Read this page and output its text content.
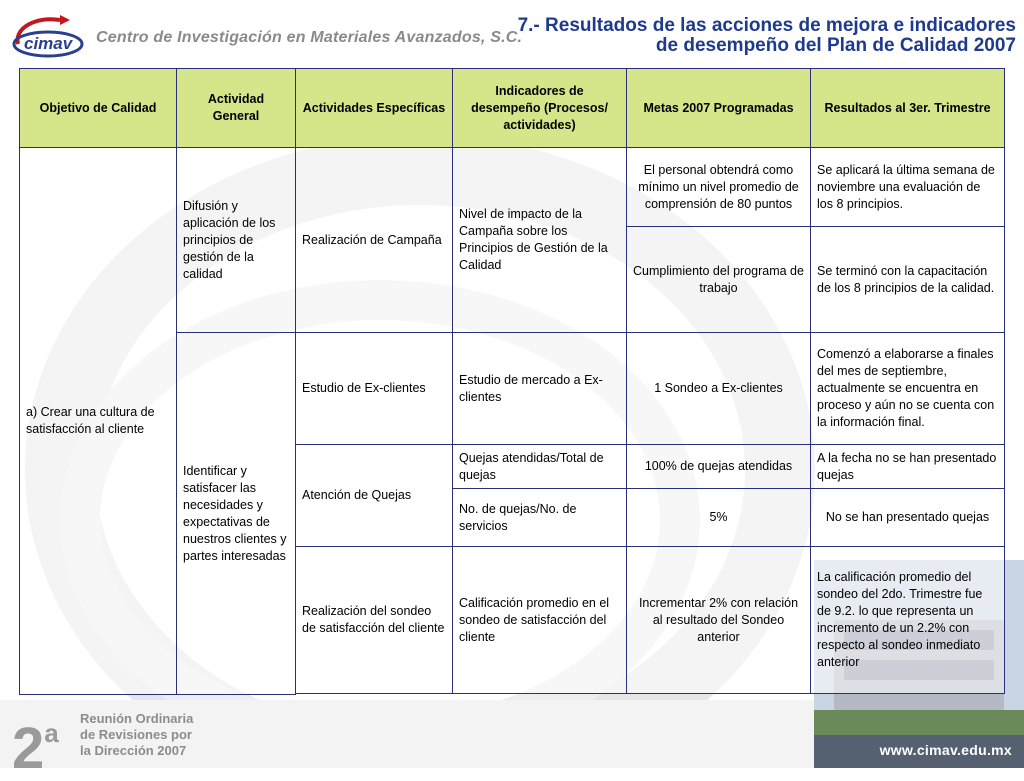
cimav Centro de Investigación en Materiales Avanzados, S.C.
7.- Resultados de las acciones de mejora e indicadores
de desempeño del Plan de Calidad 2007
Objetivo de Calidad	Actividad General	Actividades Específicas	Indicadores de desempeño (Procesos/ actividades)	Metas 2007 Programadas	Resultados al 3er. Trimestre
a) Crear una cultura de satisfacción al cliente	Difusión y aplicación de los principios de gestión de la calidad	Realización de Campaña	Nivel de impacto de la Campaña sobre los Principios de Gestión de la Calidad	El personal obtendrá como mínimo un nivel promedio de comprensión de 80 puntos	Se aplicará la última semana de noviembre una evaluación de los 8 principios.
				Cumplimiento del programa de trabajo	Se terminó con la capacitación de los 8 principios de la calidad.
	Identificar y satisfacer las necesidades y expectativas de nuestros clientes y partes interesadas	Estudio de Ex-clientes	Estudio de mercado a Ex-clientes	1 Sondeo a Ex-clientes	Comenzó a elaborarse a finales del mes de septiembre, actualmente se encuentra en proceso y aún no se cuenta con la información final.
		Atención de Quejas	Quejas atendidas/Total de quejas	100% de quejas atendidas	A la fecha no se han presentado quejas
			No. de quejas/No. de servicios	5%	No se han presentado quejas
		Realización del sondeo de satisfacción del cliente	Calificación promedio en el sondeo de satisfacción del cliente	Incrementar 2% con relación al resultado del Sondeo anterior	La calificación promedio del sondeo del 2do. Trimestre fue de 9.2. lo que representa un incremento de un 2.2% con respecto al sondeo inmediato anterior

2$^a$ Reunión Ordinaria
de Revisiones por
la Dirección 2007	www.cimav.edu.mx
